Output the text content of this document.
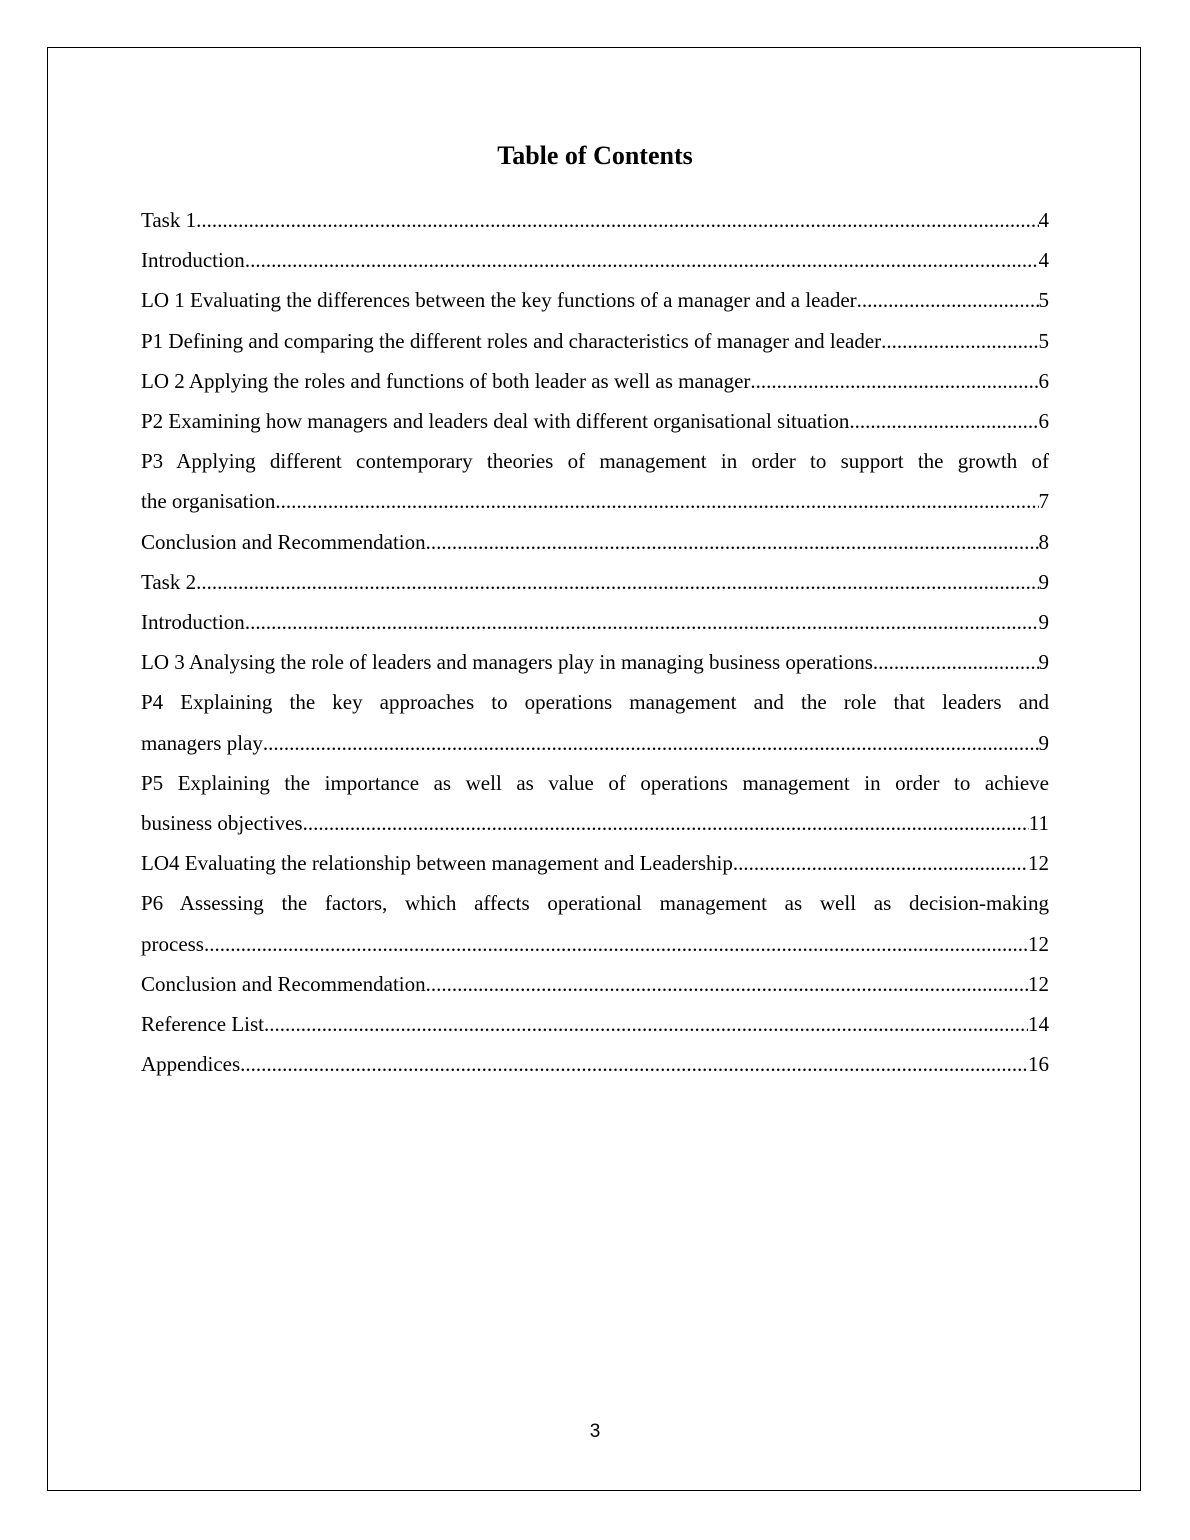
Table of Contents
Task 1 .....	4
Introduction .....	4
LO 1 Evaluating the differences between the key functions of a manager and a leader .....	5
P1 Defining and comparing the different roles and characteristics of manager and leader .....	5
LO 2 Applying the roles and functions of both leader as well as manager .....	6
P2 Examining how managers and leaders deal with different organisational situation .....	6
P3 Applying different contemporary theories of management in order to support the growth of
the organisation .....	7
Conclusion and Recommendation .....	8
Task 2 .....	9
Introduction .....	9
LO 3 Analysing the role of leaders and managers play in managing business operations .....	9
P4 Explaining the key approaches to operations management and the role that leaders and
managers play .....	9
P5 Explaining the importance as well as value of operations management in order to achieve
business objectives .....	11
LO4 Evaluating the relationship between management and Leadership .....	12
P6 Assessing the factors, which affects operational management as well as decision-making
process .....	12
Conclusion and Recommendation .....	12
Reference List .....	14
Appendices .....	16
3
